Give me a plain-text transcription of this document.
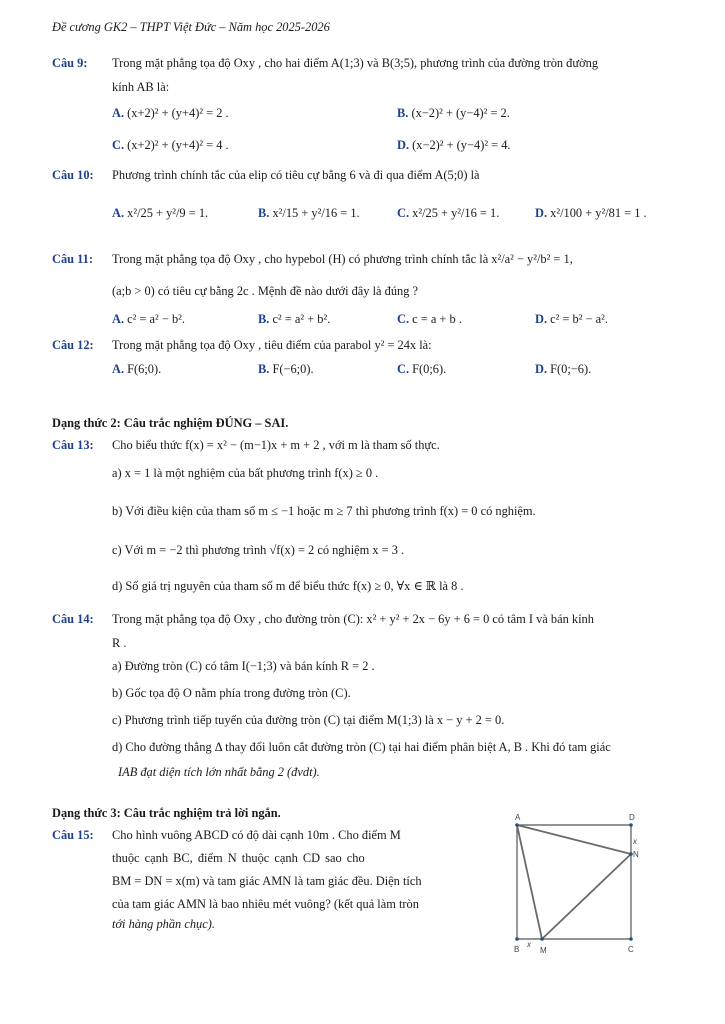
Đề cương GK2 – THPT Việt Đức – Năm học 2025-2026
Câu 9: Trong mặt phẳng tọa độ Oxy , cho hai điểm A(1;3) và B(3;5), phương trình của đường tròn đường
kính AB là:
A. (x+2)² + (y+4)² = 2 .	B. (x−2)² + (y−4)² = 2.
C. (x+2)² + (y+4)² = 4 .	D. (x−2)² + (y−4)² = 4.
Câu 10: Phương trình chính tắc của elip có tiêu cự bằng 6 và đi qua điểm A(5;0) là
A. x²/25 + y²/9 = 1.	B. x²/15 + y²/16 = 1.	C. x²/25 + y²/16 = 1.	D. x²/100 + y²/81 = 1 .
Câu 11: Trong mặt phẳng tọa độ Oxy , cho hypebol (H) có phương trình chính tắc là x²/a² − y²/b² = 1,
(a;b > 0) có tiêu cự bằng 2c . Mệnh đề nào dưới đây là đúng ?
A. c² = a² − b².	B. c² = a² + b².	C. c = a + b .	D. c² = b² − a².
Câu 12: Trong mặt phẳng tọa độ Oxy , tiêu điểm của parabol y² = 24x là:
A. F(6;0).	B. F(−6;0).	C. F(0;6).	D. F(0;−6).
Dạng thức 2: Câu trắc nghiệm ĐÚNG – SAI.
Câu 13: Cho biểu thức f(x) = x² − (m−1)x + m + 2 , với m là tham số thực.
a) x = 1 là một nghiệm của bất phương trình f(x) ≥ 0 .
b) Với điều kiện của tham số m ≤ −1 hoặc m ≥ 7 thì phương trình f(x) = 0 có nghiệm.
c) Với m = −2 thì phương trình √f(x) = 2 có nghiệm x = 3 .
d) Số giá trị nguyên của tham số m để biểu thức f(x) ≥ 0, ∀x ∈ ℝ là 8 .
Câu 14: Trong mặt phẳng tọa độ Oxy , cho đường tròn (C): x² + y² + 2x − 6y + 6 = 0 có tâm I và bán kính
R .
a) Đường tròn (C) có tâm I(−1;3) và bán kính R = 2 .
b) Gốc tọa độ O nằm phía trong đường tròn (C).
c) Phương trình tiếp tuyến của đường tròn (C) tại điểm M(1;3) là x − y + 2 = 0.
d) Cho đường thẳng Δ thay đổi luôn cắt đường tròn (C) tại hai điểm phân biệt A, B . Khi đó tam giác
IAB đạt diện tích lớn nhất bằng 2 (đvdt).
Dạng thức 3: Câu trắc nghiệm trả lời ngắn.
Câu 15: Cho hình vuông ABCD có độ dài cạnh 10m . Cho điểm M
thuộc cạnh BC, điểm N thuộc cạnh CD sao cho
BM = DN = x(m) và tam giác AMN là tam giác đều. Diện tích
của tam giác AMN là bao nhiêu mét vuông? (kết quả làm tròn
tới hàng phần chục).
A	D
N
x
B
x
M	C
